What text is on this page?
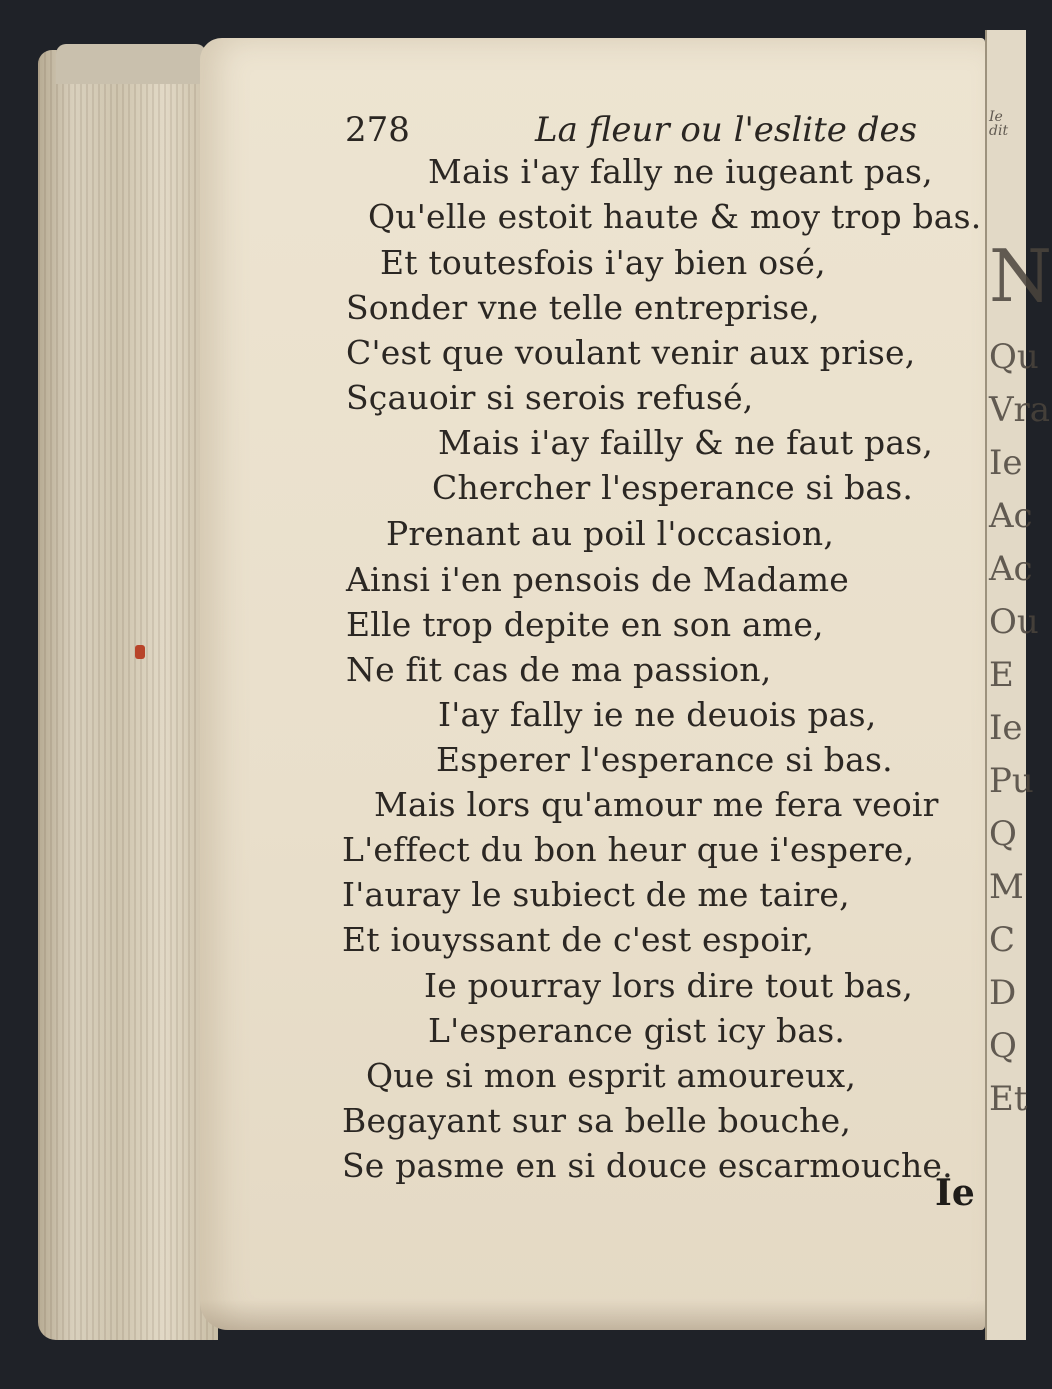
Ie dit
N
Qu
Vra
Ie
Ac
Ac
Ou
E
Ie
Pu
Q
M
C
D
Q
Et
278	La fleur ou l'eslite des
Mais i'ay fally ne iugeant pas,
Qu'elle estoit haute & moy trop bas.
Et toutesfois i'ay bien osé,
Sonder vne telle entreprise,
C'est que voulant venir aux prise,
Sçauoir si serois refusé,
Mais i'ay failly & ne faut pas,
Chercher l'esperance si bas.
Prenant au poil l'occasion,
Ainsi i'en pensois de Madame
Elle trop depite en son ame,
Ne fit cas de ma passion,
I'ay fally ie ne deuois pas,
Esperer l'esperance si bas.
Mais lors qu'amour me fera veoir
L'effect du bon heur que i'espere,
I'auray le subiect de me taire,
Et iouyssant de c'est espoir,
Ie pourray lors dire tout bas,
L'esperance gist icy bas.
Que si mon esprit amoureux,
Begayant sur sa belle bouche,
Se pasme en si douce escarmouche.
Ie
